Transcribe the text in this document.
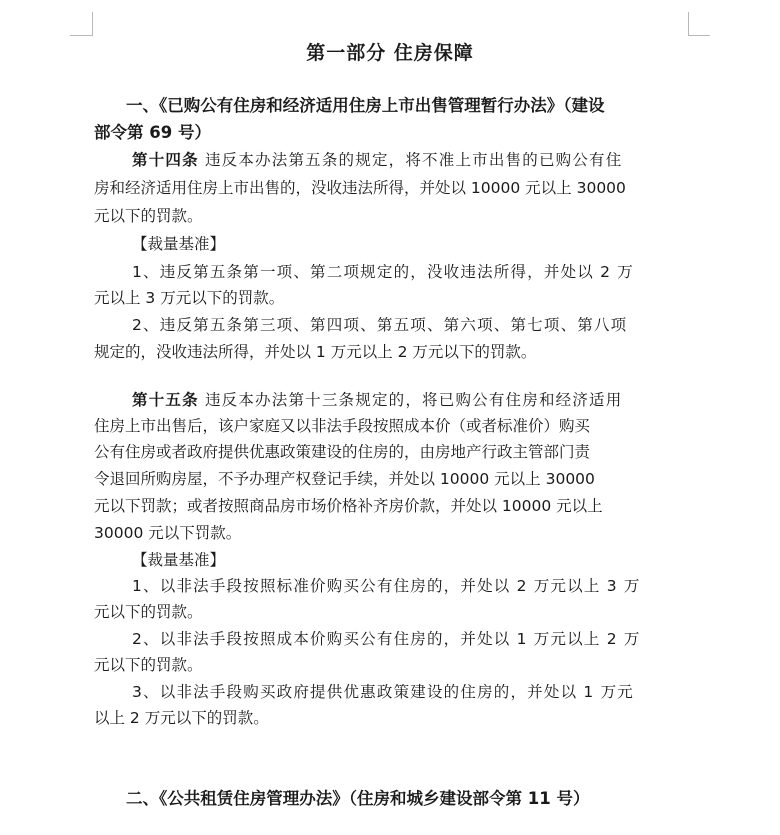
第一部分 住房保障
一、《已购公有住房和经济适用住房上市出售管理暂行办法》（建设
部令第 69 号）
第十四条 违反本办法第五条的规定，将不准上市出售的已购公有住
房和经济适用住房上市出售的，没收违法所得，并处以 10000 元以上 30000
元以下的罚款。
【裁量基准】
1、违反第五条第一项、第二项规定的，没收违法所得，并处以 2 万
元以上 3 万元以下的罚款。
2、违反第五条第三项、第四项、第五项、第六项、第七项、第八项
规定的，没收违法所得，并处以 1 万元以上 2 万元以下的罚款。
第十五条 违反本办法第十三条规定的，将已购公有住房和经济适用
住房上市出售后，该户家庭又以非法手段按照成本价（或者标准价）购买
公有住房或者政府提供优惠政策建设的住房的，由房地产行政主管部门责
令退回所购房屋，不予办理产权登记手续，并处以 10000 元以上 30000
元以下罚款；或者按照商品房市场价格补齐房价款，并处以 10000 元以上
30000 元以下罚款。
【裁量基准】
1、以非法手段按照标准价购买公有住房的，并处以 2 万元以上 3 万
元以下的罚款。
2、以非法手段按照成本价购买公有住房的，并处以 1 万元以上 2 万
元以下的罚款。
3、以非法手段购买政府提供优惠政策建设的住房的，并处以 1 万元
以上 2 万元以下的罚款。
二、《公共租赁住房管理办法》（住房和城乡建设部令第 11 号）
